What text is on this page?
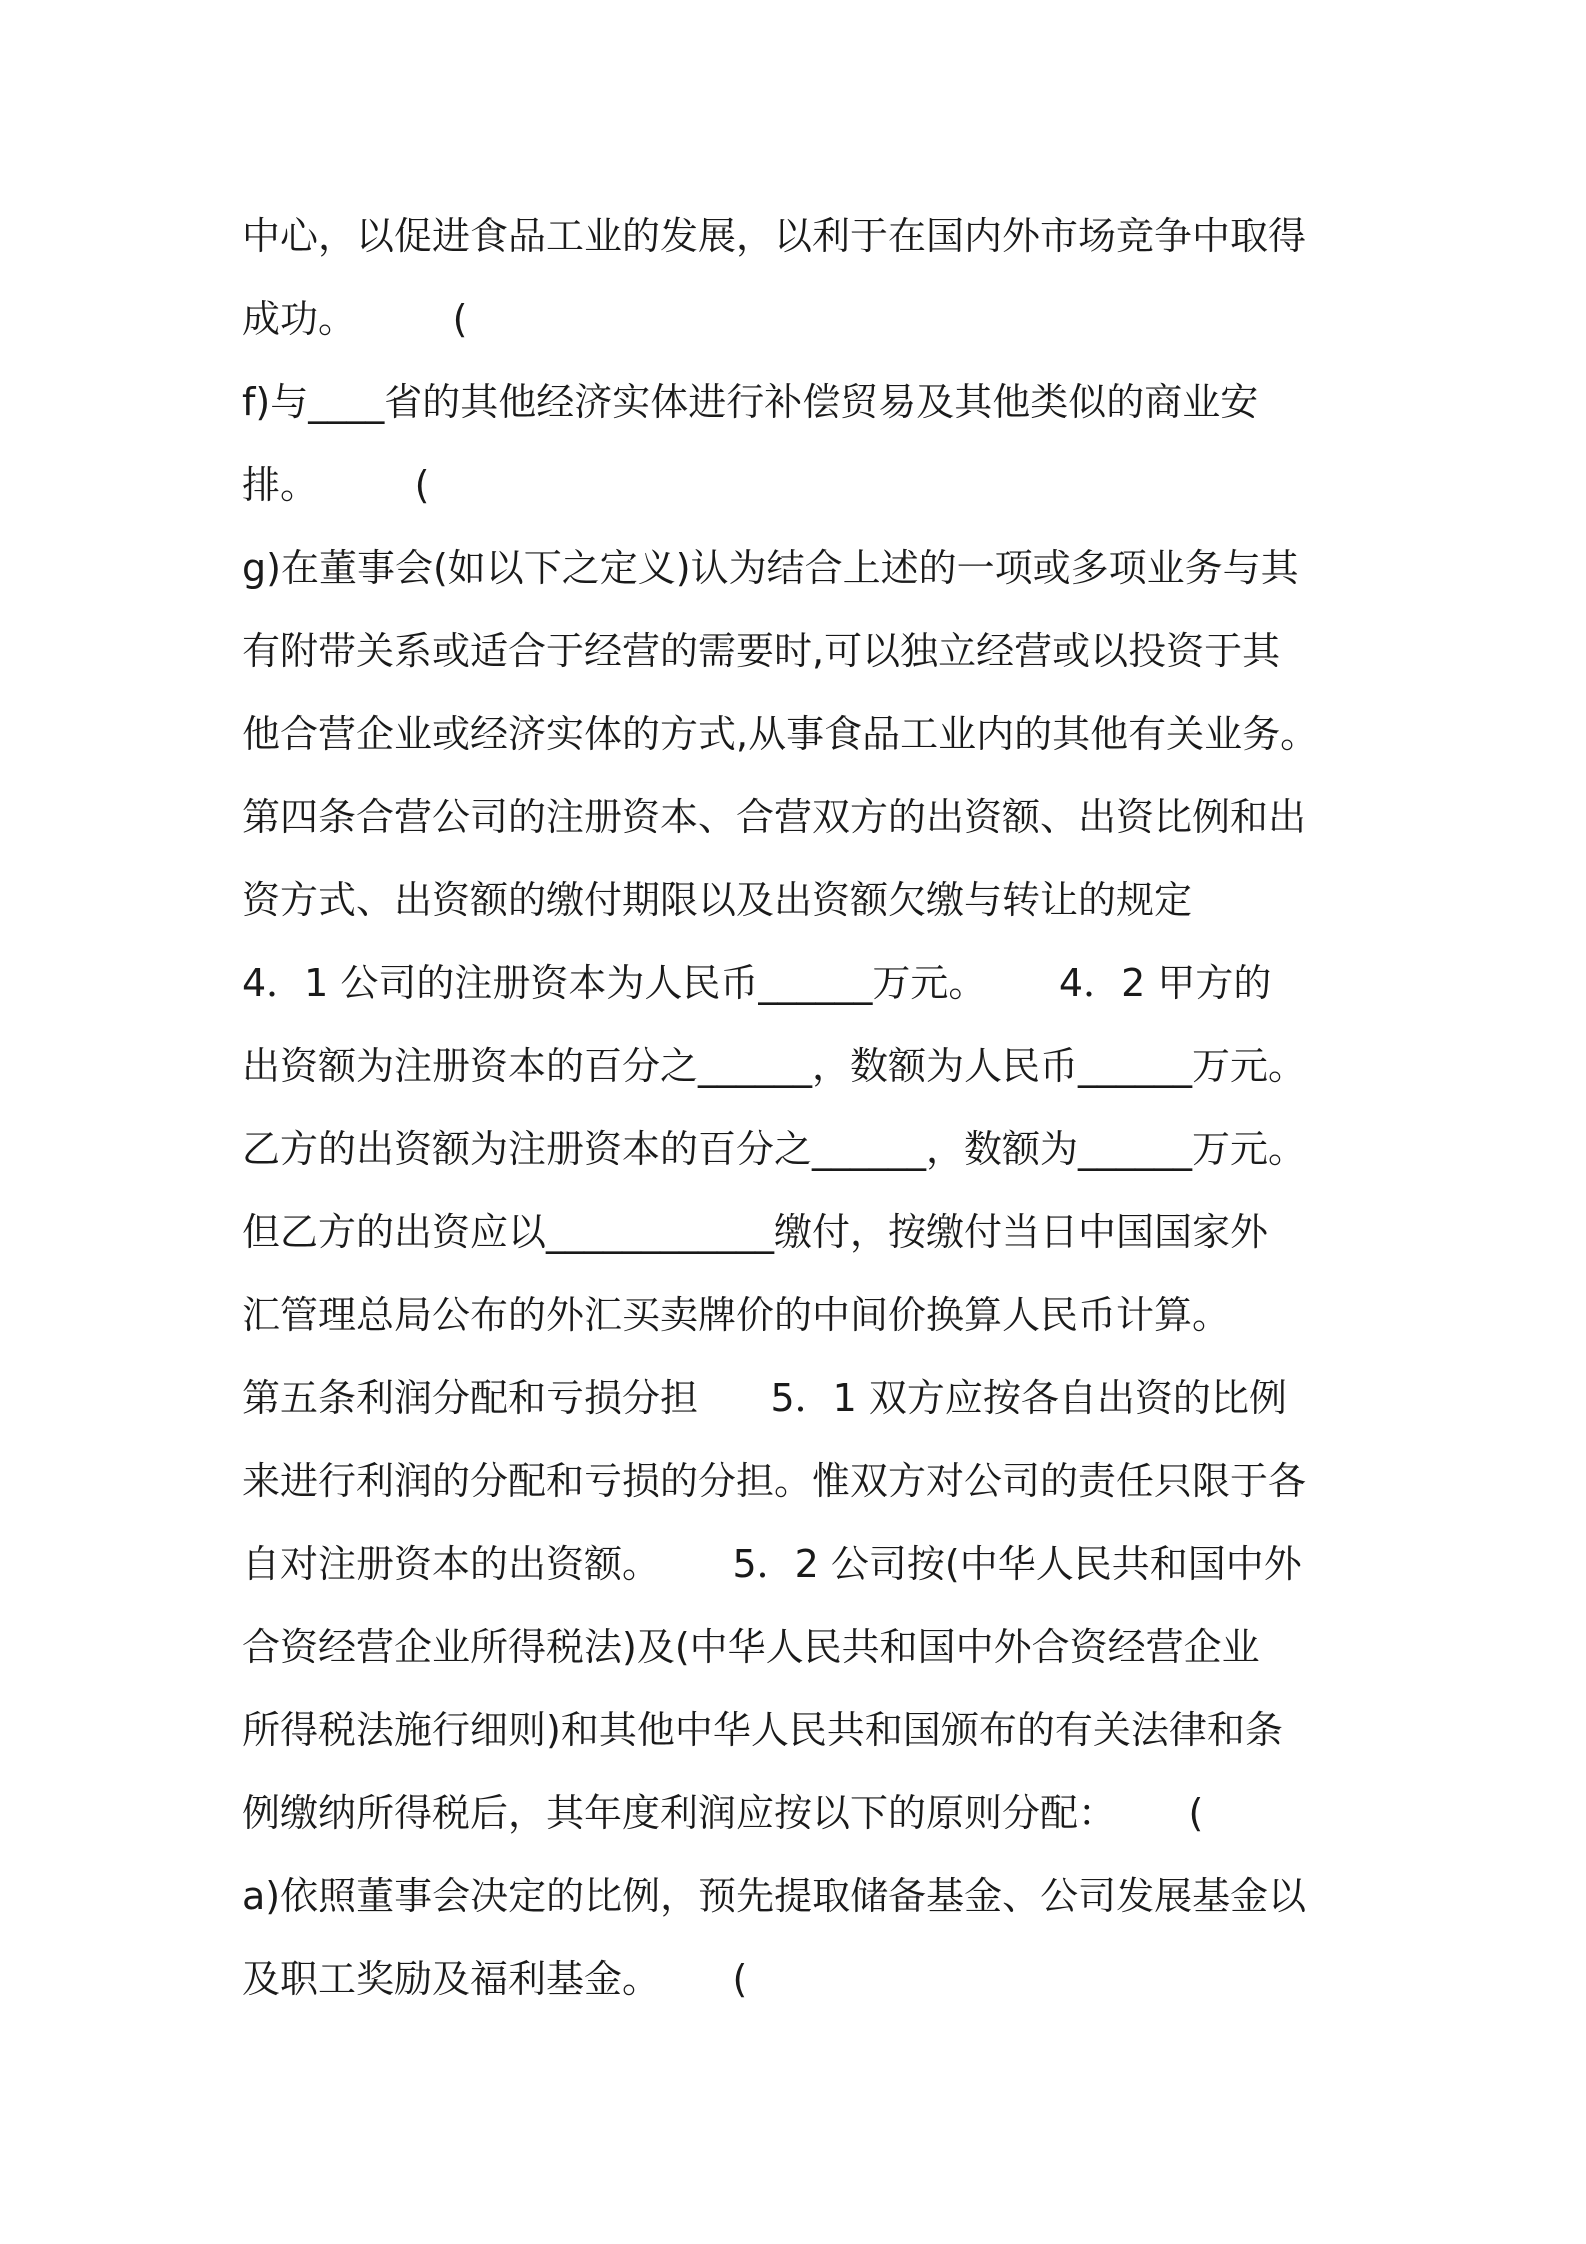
中心，以促进食品工业的发展，以利于在国内外市场竞争中取得
成功。        (
f)与____省的其他经济实体进行补偿贸易及其他类似的商业安
排。        (
g)在董事会(如以下之定义)认为结合上述的一项或多项业务与其
有附带关系或适合于经营的需要时,可以独立经营或以投资于其
他合营企业或经济实体的方式,从事食品工业内的其他有关业务。
第四条合营公司的注册资本、合营双方的出资额、出资比例和出
资方式、出资额的缴付期限以及出资额欠缴与转让的规定
4．1 公司的注册资本为人民币______万元。      4．2 甲方的
出资额为注册资本的百分之______，数额为人民币______万元。
乙方的出资额为注册资本的百分之______，数额为______万元。
但乙方的出资应以____________缴付，按缴付当日中国国家外
汇管理总局公布的外汇买卖牌价的中间价换算人民币计算。
第五条利润分配和亏损分担      5．1 双方应按各自出资的比例
来进行利润的分配和亏损的分担。惟双方对公司的责任只限于各
自对注册资本的出资额。      5．2 公司按(中华人民共和国中外
合资经营企业所得税法)及(中华人民共和国中外合资经营企业
所得税法施行细则)和其他中华人民共和国颁布的有关法律和条
例缴纳所得税后，其年度利润应按以下的原则分配：      (
a)依照董事会决定的比例，预先提取储备基金、公司发展基金以
及职工奖励及福利基金。      (
